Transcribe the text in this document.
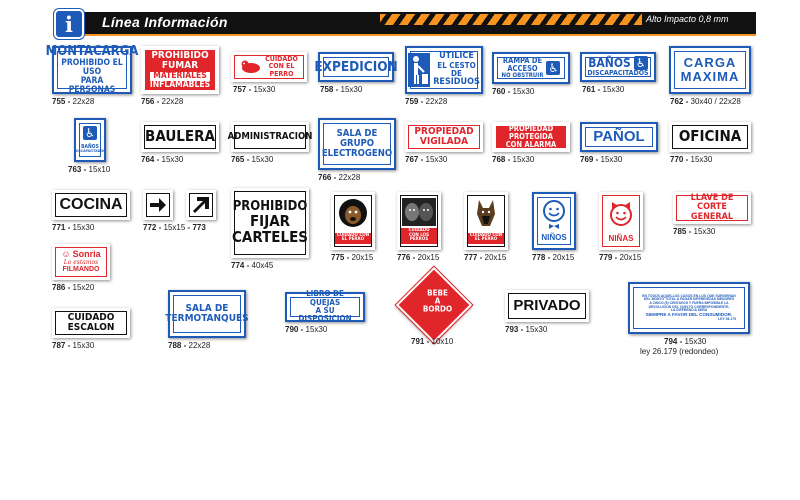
i	Línea Información	Alto Impacto 0,8 mm
MONTACARGA
PROHIBIDO EL USO
PARA PERSONAS
755 - 22x28
PROHIBIDO
FUMAR
MATERIALES
INFLAMABLES
756 - 22x28
CUIDADO
CON EL
PERRO
757 - 15x30
EXPEDICION
758 - 15x30
UTILICE
EL CESTO DE
RESIDUOS
759 - 22x28
RAMPA DE
ACCESO
NO OBSTRUIR
♿
760 - 15x30
BAÑOS ♿
DISCAPACITADOS
761 - 15x30
CARGA
MAXIMA
762 - 30x40 / 22x28
♿
BAÑOS
DISCAPACITADOS
763 - 15x10
BAULERA
764 - 15x30
ADMINISTRACION
765 - 15x30
SALA DE
GRUPO
ELECTROGENO
766 - 22x28
PROPIEDAD
VIGILADA
767 - 15x30
PROPIEDAD
PROTEGIDA
CON ALARMA
768 - 15x30
PAÑOL
769 - 15x30
OFICINA
770 - 15x30
COCINA
771 - 15x30	772 - 15x15 - 773
PROHIBIDO
FIJAR
CARTELES
774 - 40x45
CUIDADO CON
EL PERRO
775 - 20x15
CUIDADO
CON LOS
PERROS
776 - 20x15
CUIDADO CON
EL PERRO
777 - 20x15
NIÑOS
778 - 20x15
NIÑAS
779 - 20x15
LLAVE DE
CORTE GENERAL
785 - 15x30
☺ Sonria
Lo estamos
FILMANDO
786 - 15x20
CUIDADO
ESCALON
787 - 15x30
SALA DE
TERMOTANQUES
788 - 22x28
LIBRO DE QUEJAS
A SU DISPOSICION
790 - 15x30
BEBE
A
BORDO
791 - 10x10
PRIVADO
793 - 15x30
EN TODOS AQUELLOS CASOS EN LOS QUE SURGIERAN
DEL MONTO TOTAL A PAGAR DIFERENCIAS MENORES
A CINCO (5) CENTAVOS Y FUERA IMPOSIBLE LA
DEVOLUCION DEL VUELTO CORRESPONDIENTE,
LA DIFERENCIA SERA
SIEMPRE A FAVOR DEL CONSUMIDOR.
LEY 26.179
794 - 15x30
ley 26.179 (redondeo)
